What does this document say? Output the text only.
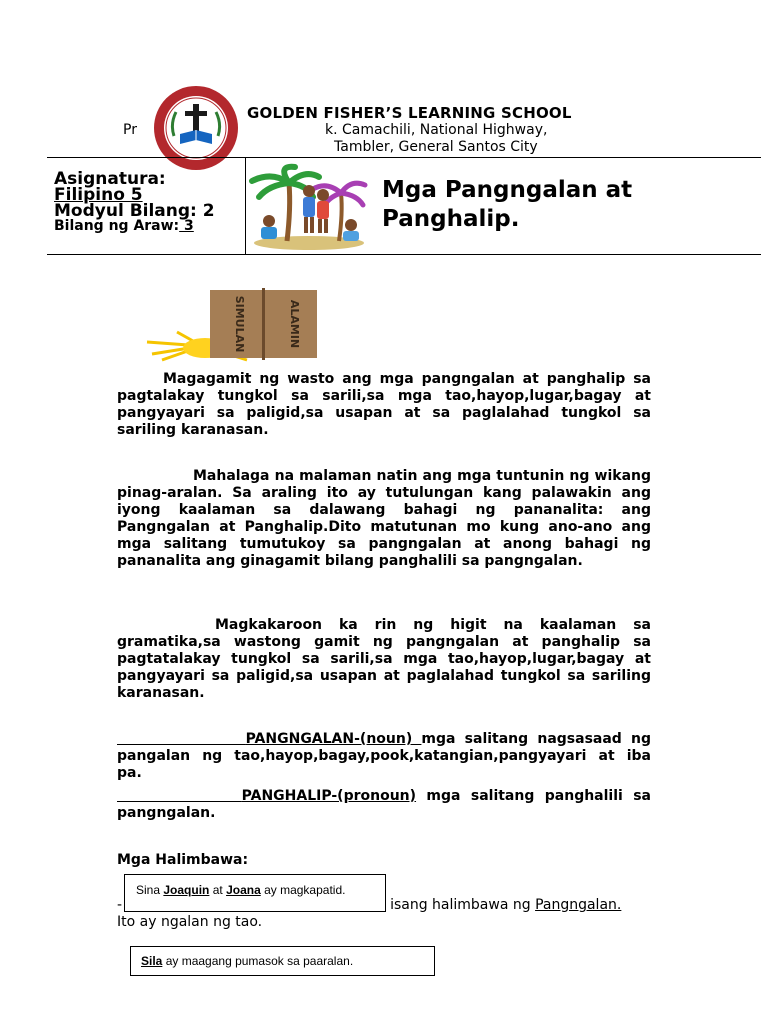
Pr
GOLDEN FISHER’S LEARNING SCHOOL
k. Camachili, National Highway,
Tambler, General Santos City
Asignatura:
Filipino 5
Modyul Bilang: 2
Bilang ng Araw: 3
Mga Pangngalan at
Panghalip.
SIMULAN	ALAMIN

Magagamit ng wasto ang mga pangngalan at panghalip sa pagtalakay tungkol sa sarili,sa mga tao,hayop,lugar,bagay at pangyayari sa paligid,sa usapan at sa paglalahad tungkol sa sariling karanasan.

Mahalaga na malaman natin ang mga tuntunin ng wikang pinag-aralan. Sa araling ito ay tutulungan kang palawakin ang iyong kaalaman sa dalawang bahagi ng pananalita: ang Pangngalan at Panghalip.Dito matutunan mo kung ano-ano ang mga salitang tumutukoy sa pangngalan at anong bahagi ng pananalita ang ginagamit bilang panghalili sa pangngalan.

Magkakaroon ka rin ng higit na kaalaman sa gramatika,sa wastong gamit ng pangngalan at panghalip sa pagtatalakay tungkol sa sarili,sa mga tao,hayop,lugar,bagay at pangyayari sa paligid,sa usapan at paglalahad tungkol sa sariling karanasan.

PANGNGALAN-(noun) mga salitang nagsasaad ng pangalan ng tao,hayop,bagay,pook,katangian,pangyayari at iba pa.

PANGHALIP-(pronoun) mga salitang panghalili sa pangngalan.

Mga Halimbawa:
-	isang halimbawa ng Pangngalan.
Ito ay ngalan ng tao.
Sina Joaquin at Joana ay magkapatid.
Sila ay maagang pumasok sa paaralan.
